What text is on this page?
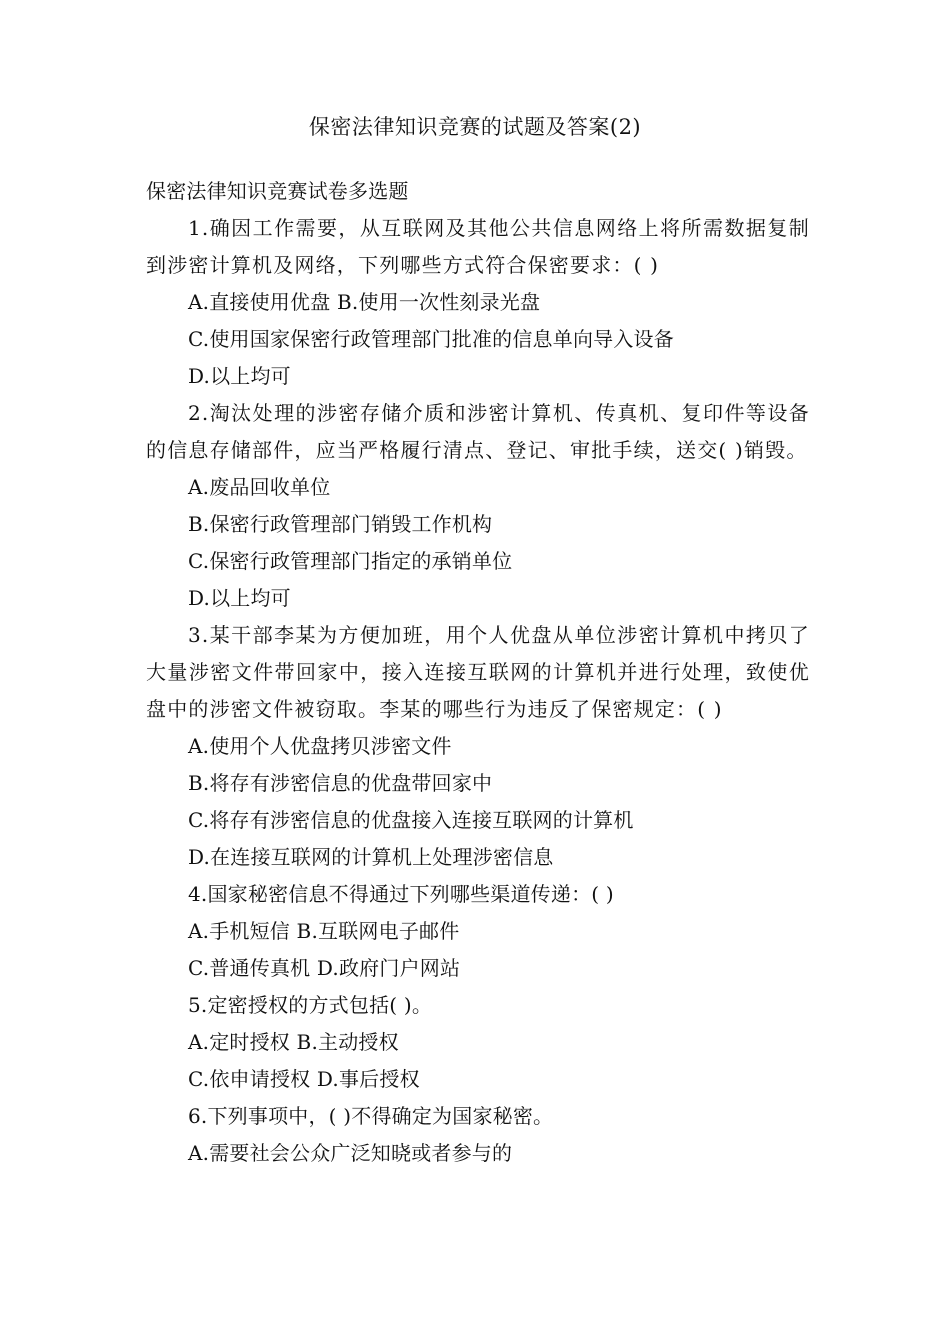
保密法律知识竞赛的试题及答案(2)
保密法律知识竞赛试卷多选题
1.确因工作需要，从互联网及其他公共信息网络上将所需数据复制到涉密计算机及网络，下列哪些方式符合保密要求：( )
A.直接使用优盘 B.使用一次性刻录光盘
C.使用国家保密行政管理部门批准的信息单向导入设备
D.以上均可
2.淘汰处理的涉密存储介质和涉密计算机、传真机、复印件等设备的信息存储部件，应当严格履行清点、登记、审批手续，送交( )销毁。
A.废品回收单位
B.保密行政管理部门销毁工作机构
C.保密行政管理部门指定的承销单位
D.以上均可
3.某干部李某为方便加班，用个人优盘从单位涉密计算机中拷贝了大量涉密文件带回家中，接入连接互联网的计算机并进行处理，致使优盘中的涉密文件被窃取。李某的哪些行为违反了保密规定：( )
A.使用个人优盘拷贝涉密文件
B.将存有涉密信息的优盘带回家中
C.将存有涉密信息的优盘接入连接互联网的计算机
D.在连接互联网的计算机上处理涉密信息
4.国家秘密信息不得通过下列哪些渠道传递：( )
A.手机短信 B.互联网电子邮件
C.普通传真机 D.政府门户网站
5.定密授权的方式包括( )。
A.定时授权 B.主动授权
C.依申请授权 D.事后授权
6.下列事项中，( )不得确定为国家秘密。
A.需要社会公众广泛知晓或者参与的
